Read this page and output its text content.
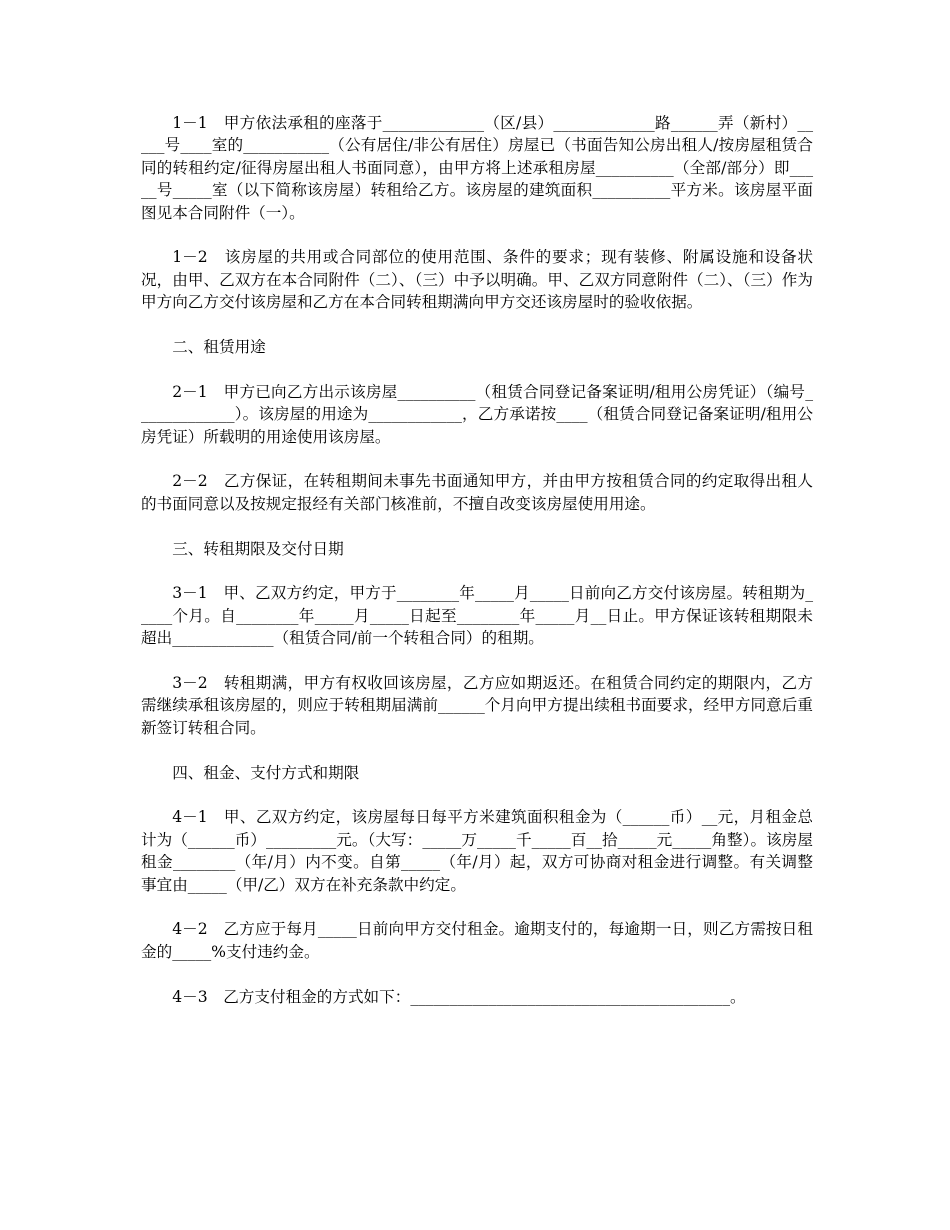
1－1　甲方依法承租的座落于_____________（区/县）_____________路______弄（新村）_____号____室的___________（公有居住/非公有居住）房屋已（书面告知公房出租人/按房屋租赁合同的转租约定/征得房屋出租人书面同意），由甲方将上述承租房屋__________（全部/部分）即_____号_____室（以下简称该房屋）转租给乙方。该房屋的建筑面积__________平方米。该房屋平面图见本合同附件（一）。

1－2　该房屋的共用或合同部位的使用范围、条件的要求；现有装修、附属设施和设备状况，由甲、乙双方在本合同附件（二）、（三）中予以明确。甲、乙双方同意附件（二）、（三）作为甲方向乙方交付该房屋和乙方在本合同转租期满向甲方交还该房屋时的验收依据。

二、租赁用途

2－1　甲方已向乙方出示该房屋__________（租赁合同登记备案证明/租用公房凭证）（编号_____________）。该房屋的用途为____________，乙方承诺按____（租赁合同登记备案证明/租用公房凭证）所载明的用途使用该房屋。

2－2　乙方保证，在转租期间未事先书面通知甲方，并由甲方按租赁合同的约定取得出租人的书面同意以及按规定报经有关部门核准前，不擅自改变该房屋使用用途。

三、转租期限及交付日期

3－1　甲、乙双方约定，甲方于________年_____月_____日前向乙方交付该房屋。转租期为_____个月。自________年_____月_____日起至________年_____月__日止。甲方保证该转租期限未超出_____________（租赁合同/前一个转租合同）的租期。

3－2　转租期满，甲方有权收回该房屋，乙方应如期返还。在租赁合同约定的期限内，乙方需继续承租该房屋的，则应于转租期届满前______个月向甲方提出续租书面要求，经甲方同意后重新签订转租合同。

四、租金、支付方式和期限

4－1　甲、乙双方约定，该房屋每日每平方米建筑面积租金为（______币）__元，月租金总计为（______币）_________元。（大写：_____万_____千_____百__拾_____元_____角整）。该房屋租金________（年/月）内不变。自第_____（年/月）起，双方可协商对租金进行调整。有关调整事宜由_____（甲/乙）双方在补充条款中约定。

4－2　乙方应于每月_____日前向甲方交付租金。逾期支付的，每逾期一日，则乙方需按日租金的_____%支付违约金。

4－3　乙方支付租金的方式如下：_________________________________________。
